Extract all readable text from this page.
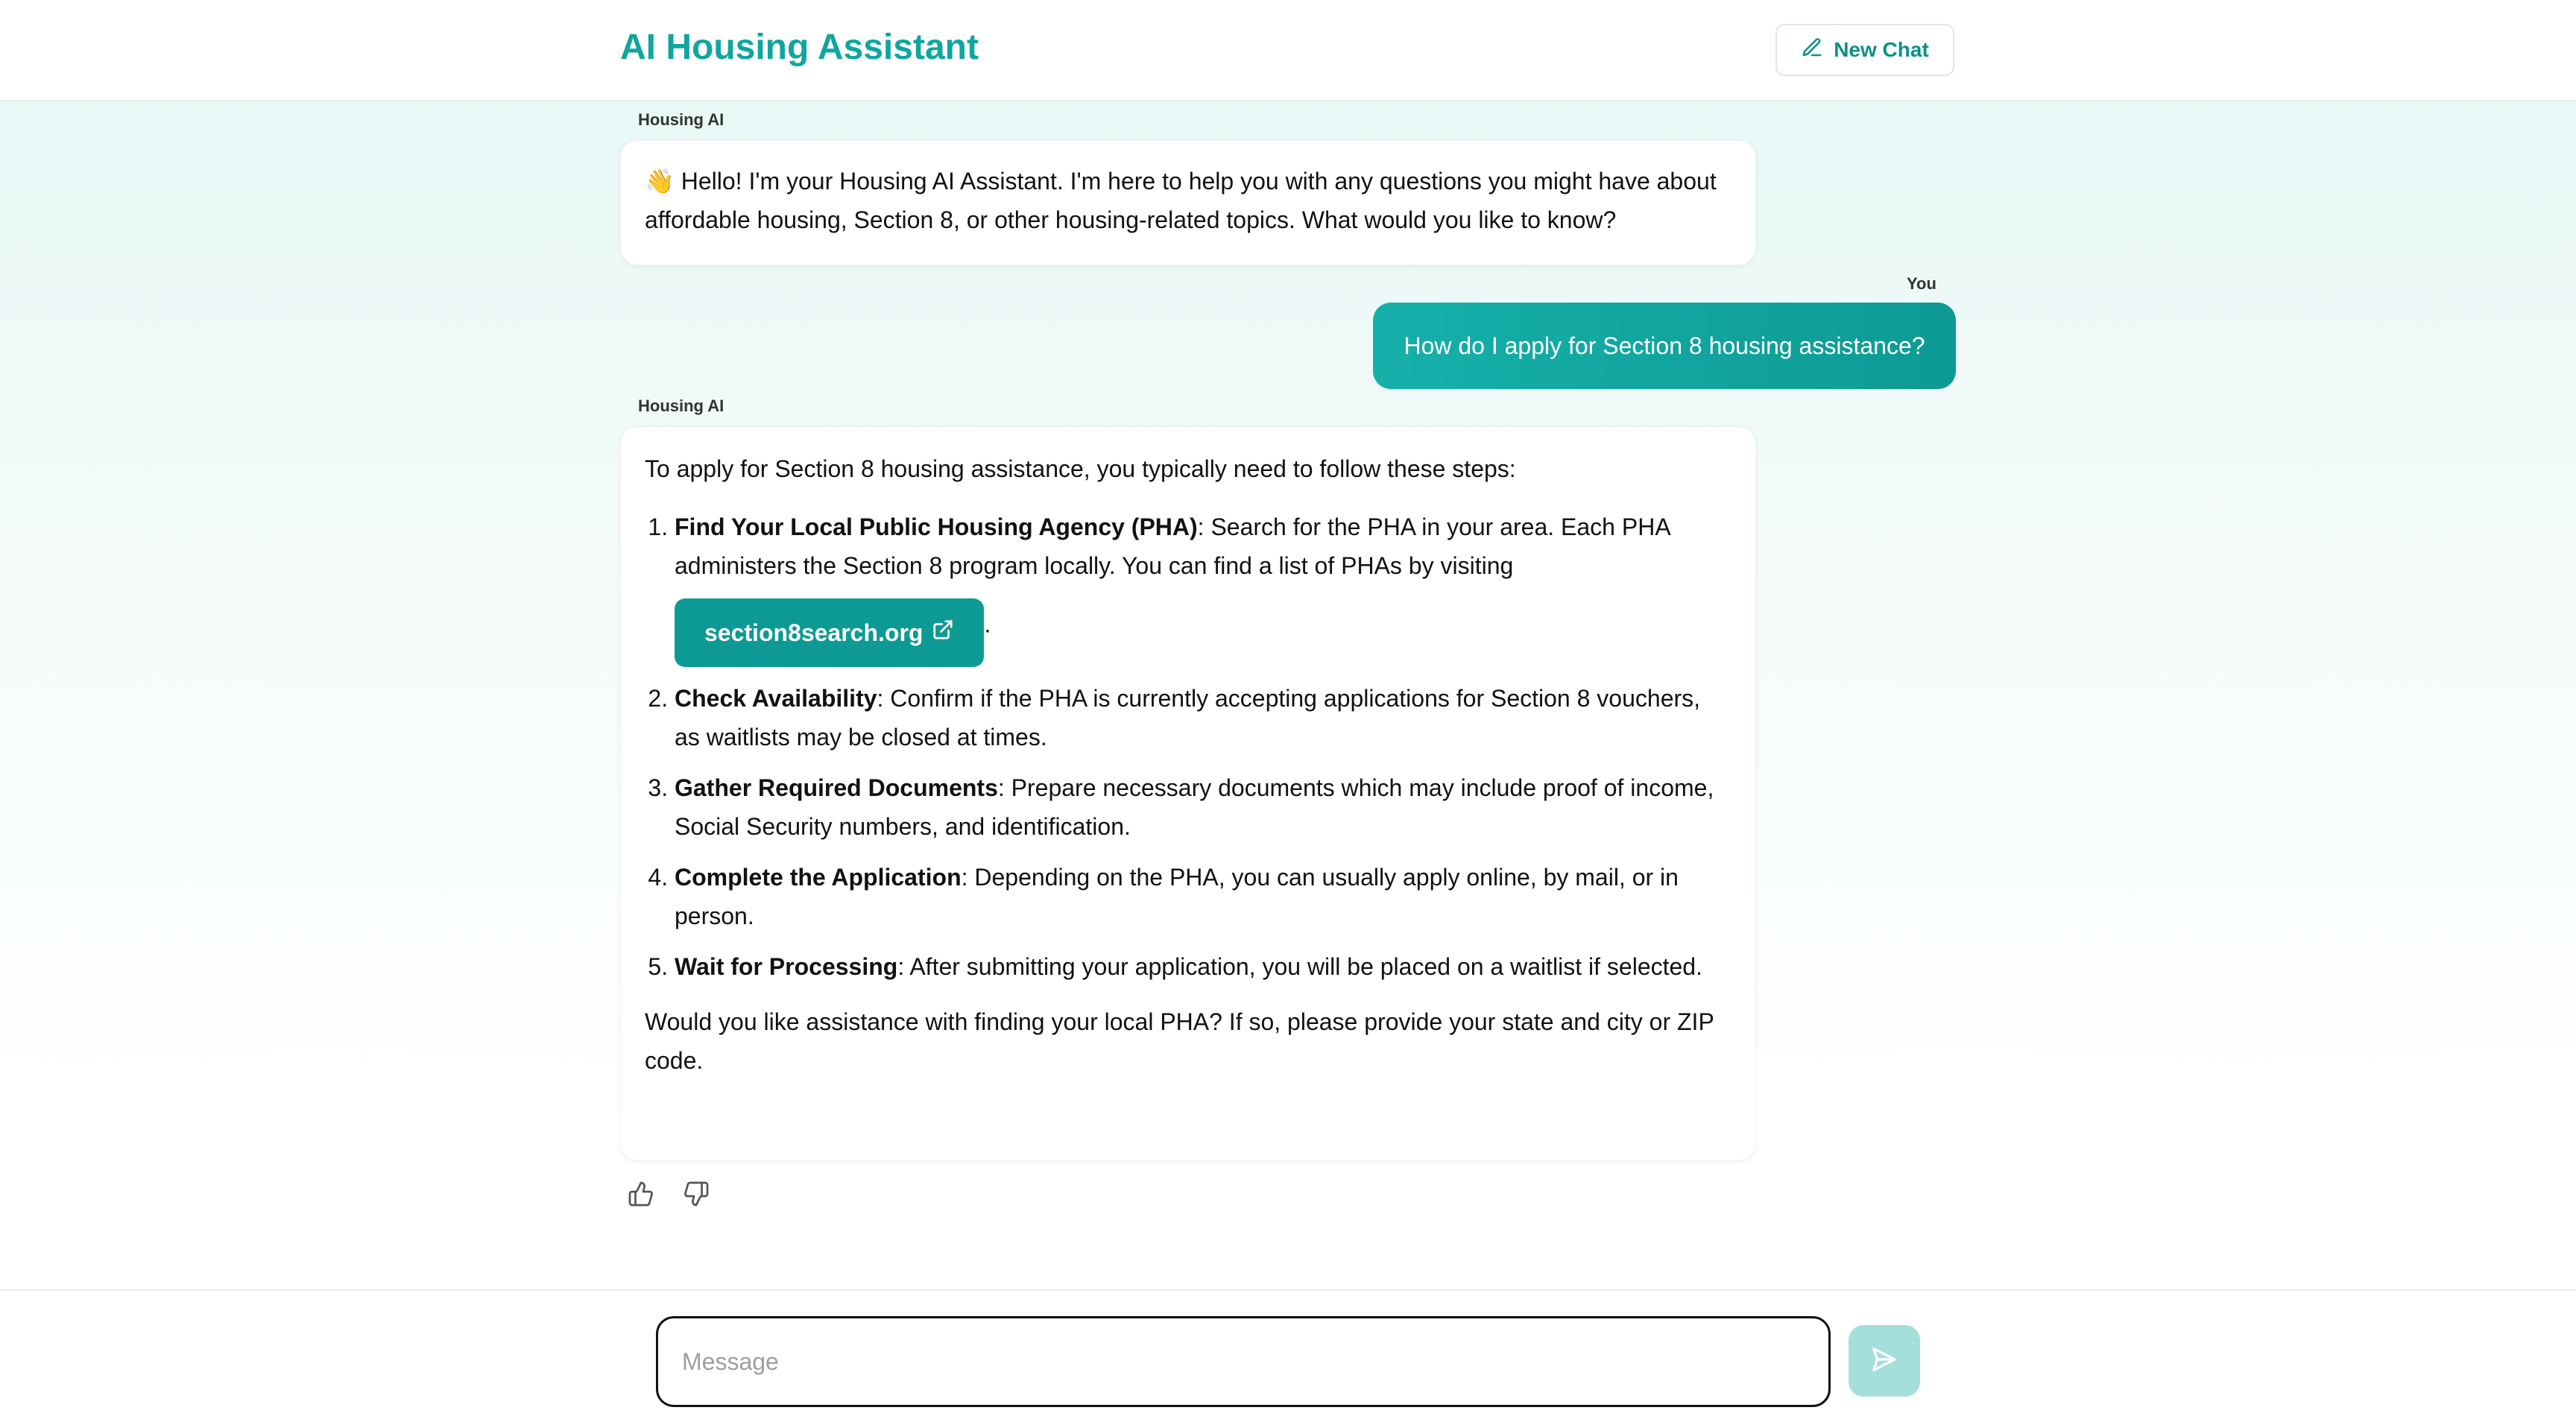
AI Housing Assistant	New Chat
Housing AI
👋 Hello! I'm your Housing AI Assistant. I'm here to help you with any questions you might have about affordable housing, Section 8, or other housing-related topics. What would you like to know?
You
How do I apply for Section 8 housing assistance?
Housing AI

To apply for Section 8 housing assistance, you typically need to follow these steps:

1. Find Your Local Public Housing Agency (PHA): Search for the PHA in your area. Each PHA administers the Section 8 program locally. You can find a list of PHAs by visiting

section8search.org	.
2. Check Availability: Confirm if the PHA is currently accepting applications for Section 8 vouchers, as waitlists may be closed at times.
3. Gather Required Documents: Prepare necessary documents which may include proof of income, Social Security numbers, and identification.
4. Complete the Application: Depending on the PHA, you can usually apply online, by mail, or in person.
5. Wait for Processing: After submitting your application, you will be placed on a waitlist if selected.

Would you like assistance with finding your local PHA? If so, please provide your state and city or ZIP code.

Message
